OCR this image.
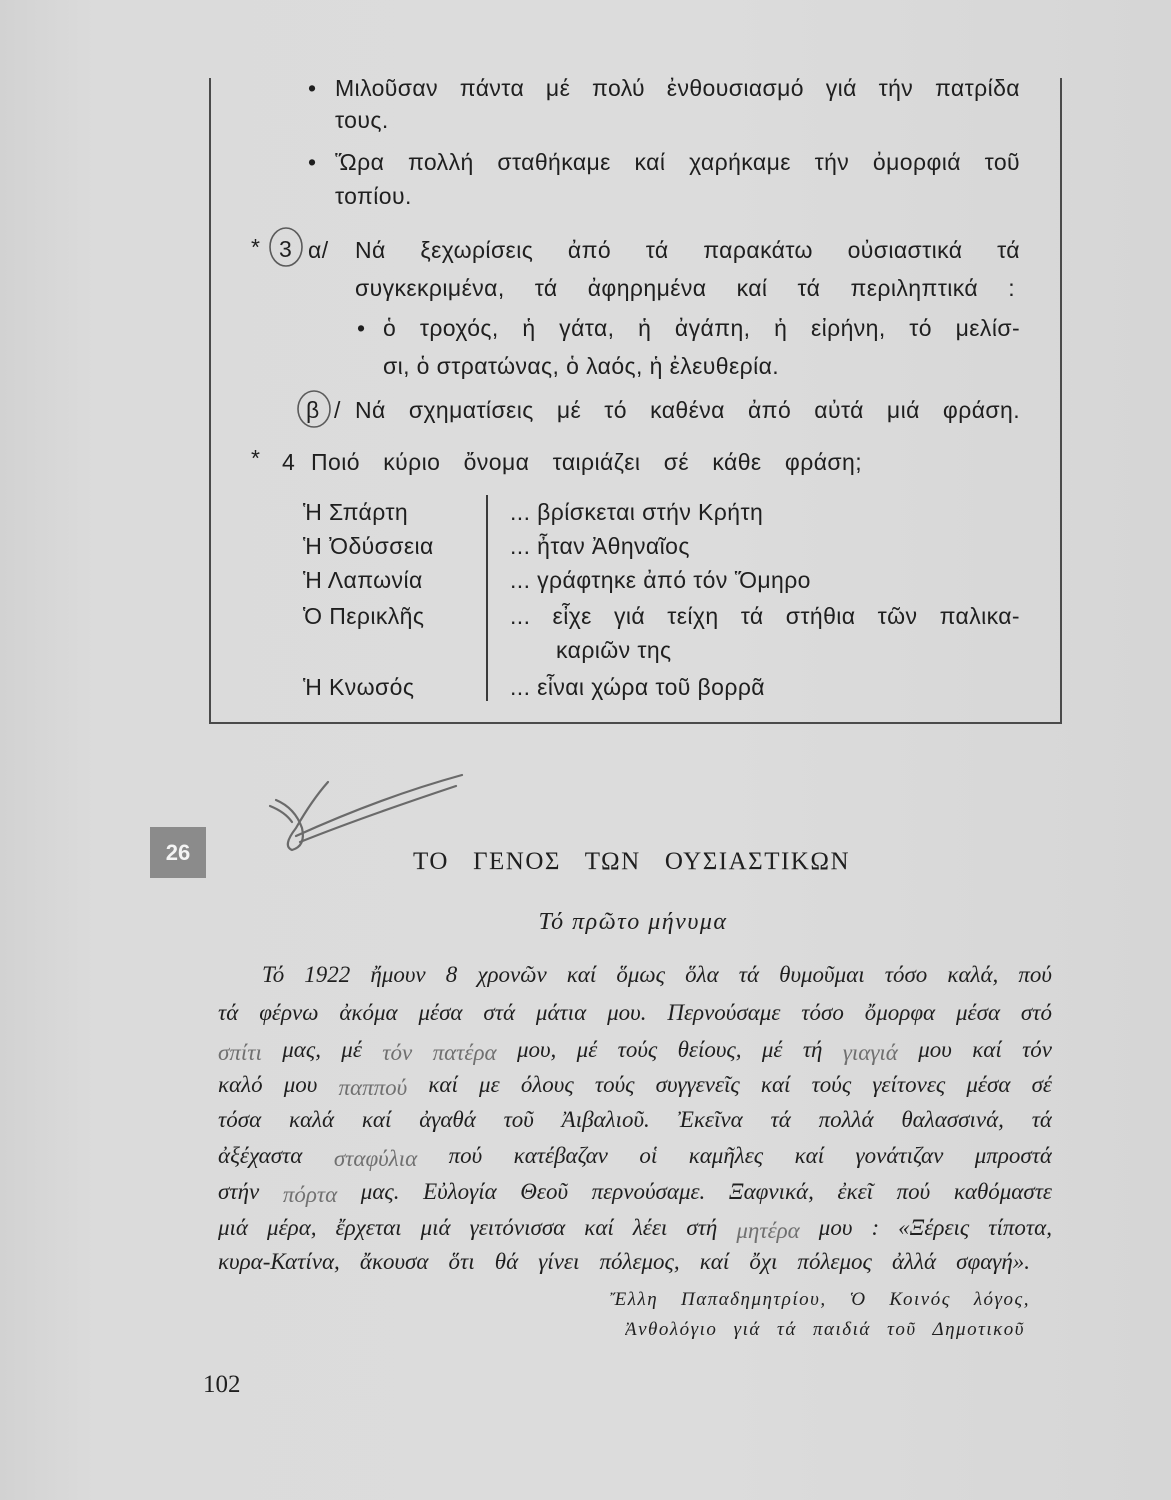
• Μιλοῦσαν πάντα μέ πολύ ἐνθουσιασμό γιά τήν πατρίδα
τους.
• Ὥρα πολλή σταθήκαμε καί χαρήκαμε τήν ὀμορφιά τοῦ
τοπίου.
* 3 α/ Νά ξεχωρίσεις ἀπό τά παρακάτω οὐσιαστικά τά
συγκεκριμένα, τά ἀφηρημένα καί τά περιληπτικά :
• ὁ τροχός, ἡ γάτα, ἡ ἀγάπη, ἡ εἰρήνη, τό μελίσ-
σι, ὁ στρατώνας, ὁ λαός, ἡ ἐλευθερία.
β / Νά σχηματίσεις μέ τό καθένα ἀπό αὐτά μιά φράση.
* 4 Ποιό κύριο ὄνομα ταιριάζει σέ κάθε φράση;
Ἡ Σπάρτη
Ἡ Ὀδύσσεια
Ἡ Λαπωνία
Ὁ Περικλῆς
Ἡ Κνωσός
... βρίσκεται στήν Κρήτη
... ἦταν Ἀθηναῖος
... γράφτηκε ἀπό τόν Ὅμηρο
... εἶχε γιά τείχη τά στήθια τῶν παλικα-
καριῶν της
... εἶναι χώρα τοῦ βορρᾶ
26	ΤΟ ΓΕΝΟΣ ΤΩΝ ΟΥΣΙΑΣΤΙΚΩΝ
Τό πρῶτο μήνυμα
Τό 1922 ἤμουν 8 χρονῶν καί ὅμως ὅλα τά θυμοῦμαι τόσο καλά, πού
τά φέρνω ἀκόμα μέσα στά μάτια μου. Περνούσαμε τόσο ὄμορφα μέσα στό
σπίτι μας, μέ τόν πατέρα μου, μέ τούς θείους, μέ τή γιαγιά μου καί τόν
καλό μου παππού καί με όλους τούς συγγενεῖς καί τούς γείτονες μέσα σέ
τόσα καλά καί ἀγαθά τοῦ Ἀιβαλιοῦ. Ἐκεῖνα τά πολλά θαλασσινά, τά
ἀξέχαστα σταφύλια πού κατέβαζαν οἱ καμῆλες καί γονάτιζαν μπροστά
στήν πόρτα μας. Εὐλογία Θεοῦ περνούσαμε. Ξαφνικά, ἐκεῖ πού καθόμαστε
μιά μέρα, ἔρχεται μιά γειτόνισσα καί λέει στή μητέρα μου : «Ξέρεις τίποτα,
κυρα-Κατίνα, ἄκουσα ὅτι θά γίνει πόλεμος, καί ὄχι πόλεμος ἀλλά σφαγή».
Ἔλλη Παπαδημητρίου, Ὁ Κοινός λόγος,
Ἀνθολόγιο γιά τά παιδιά τοῦ Δημοτικοῦ
102
